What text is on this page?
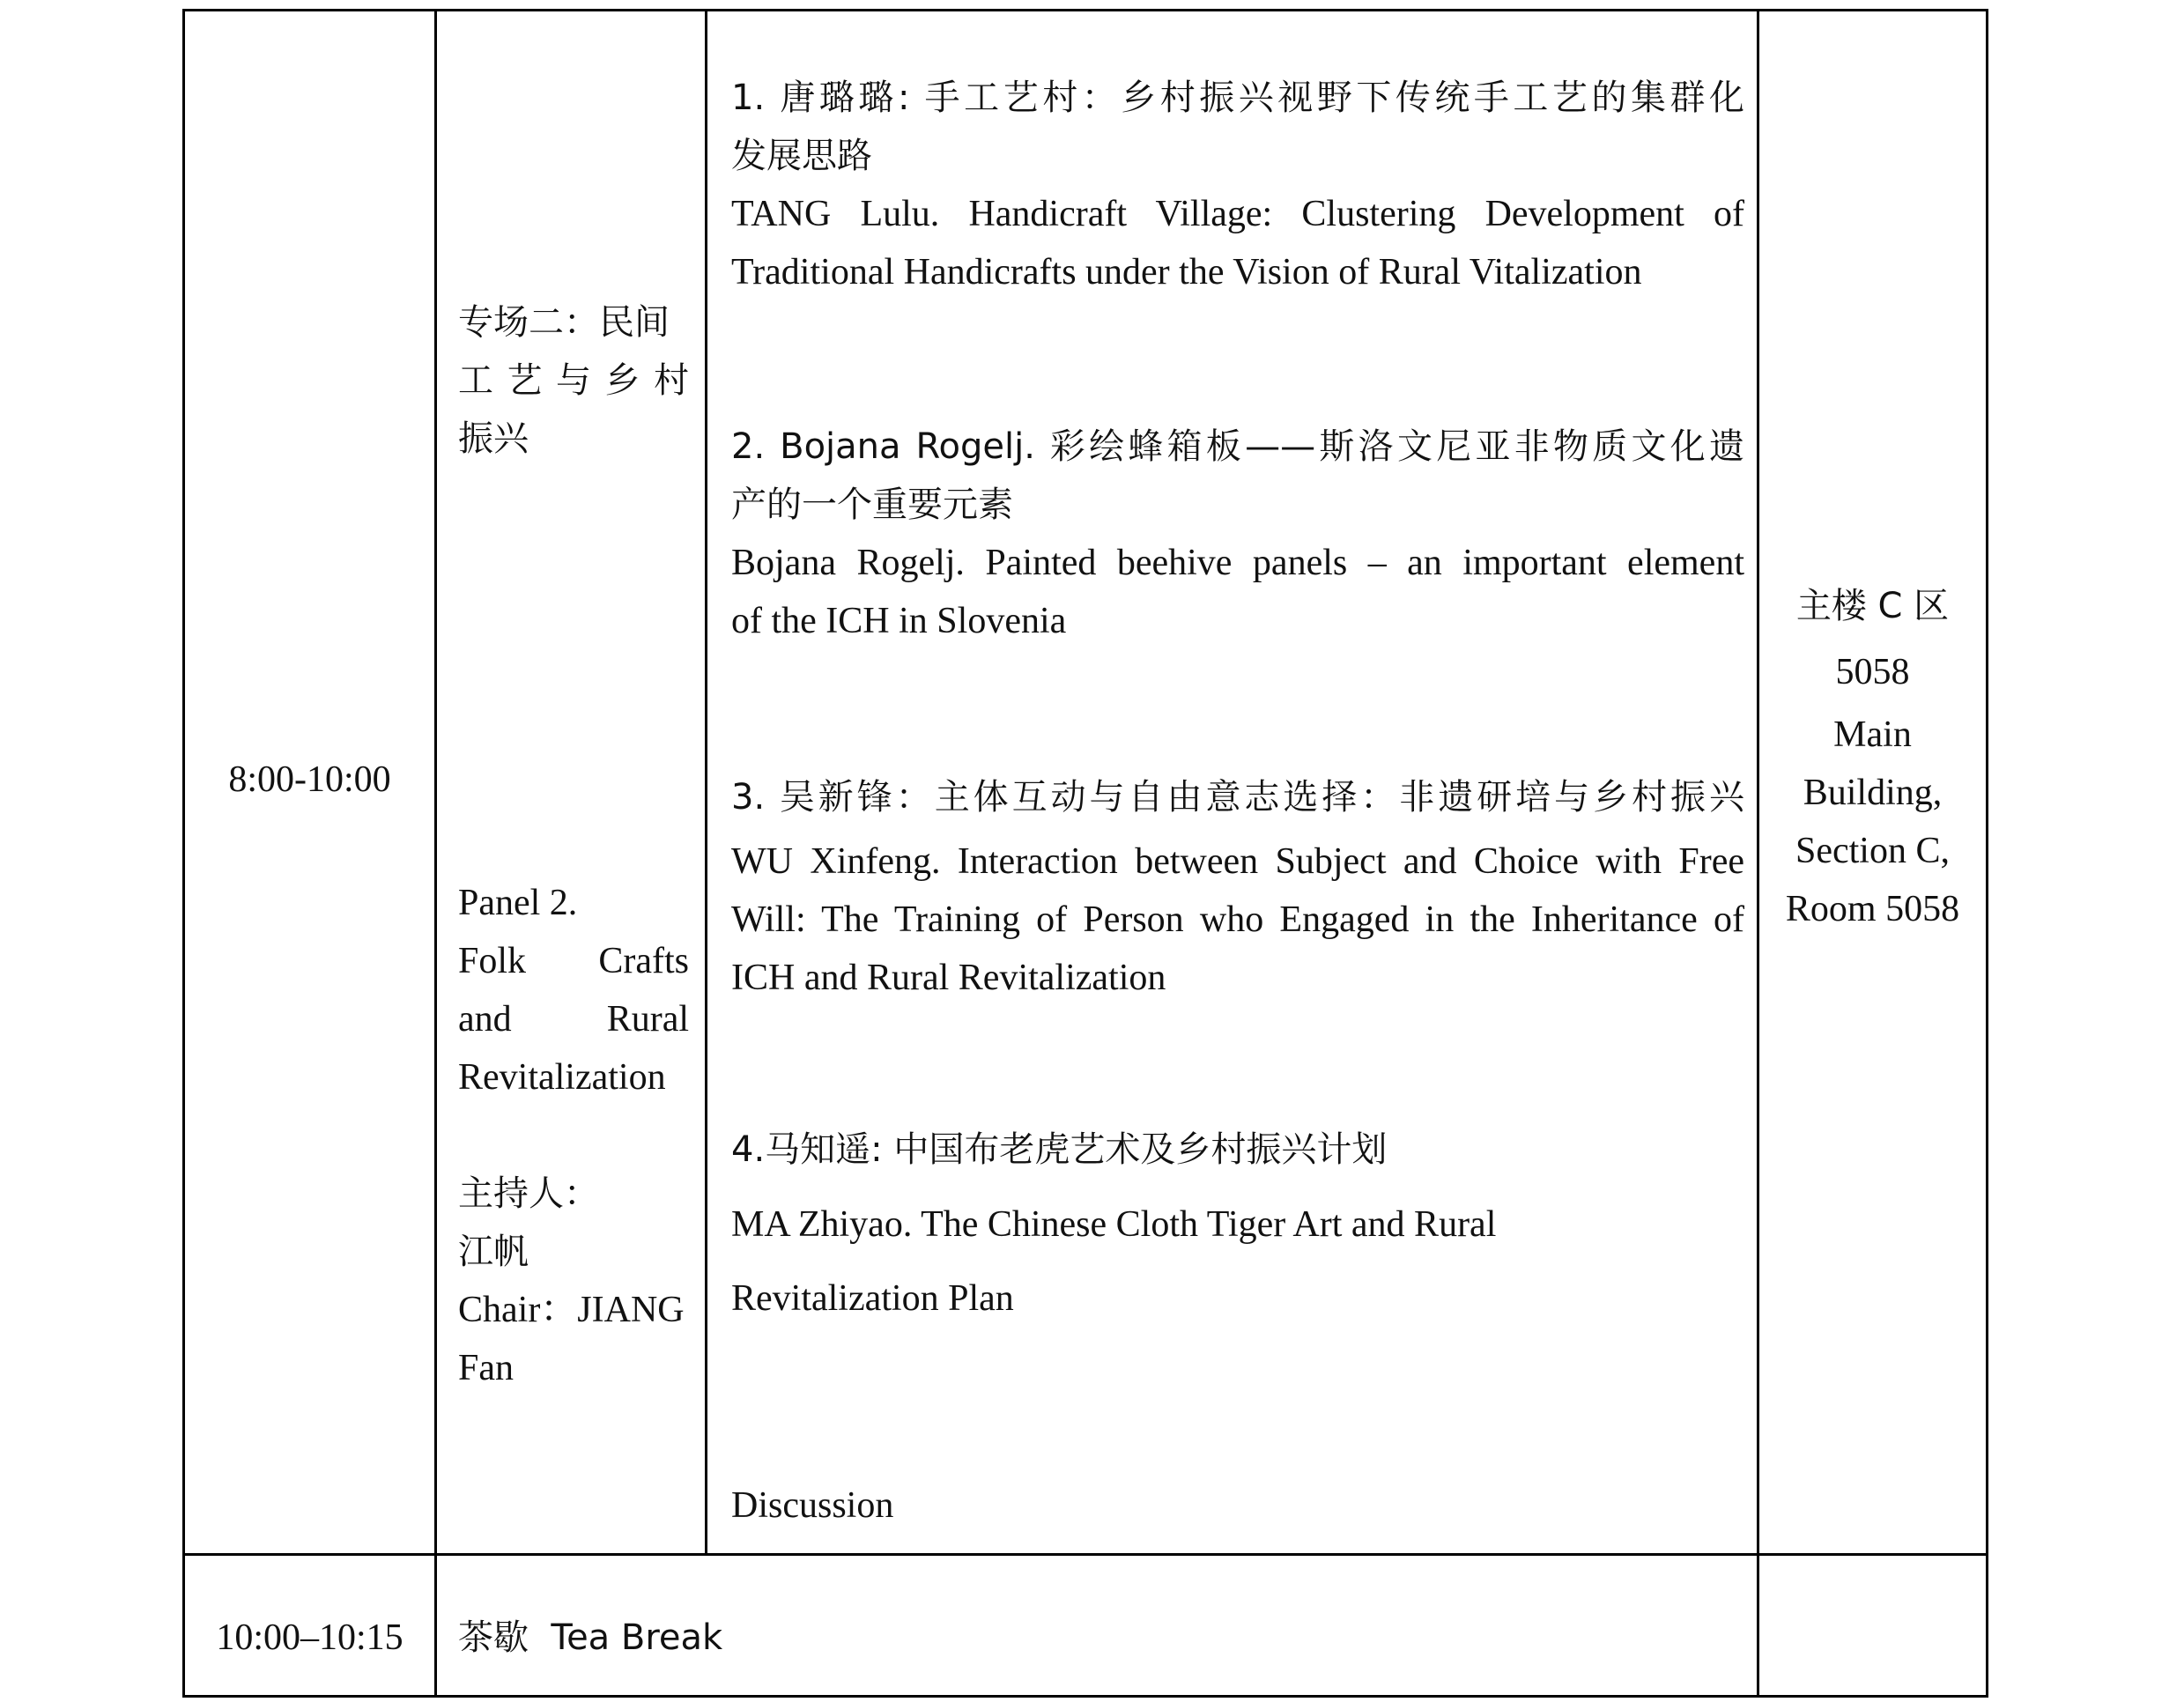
8:00-10:00
专场二：民间
工 艺 与 乡 村
振兴
Panel 2.
Folk Crafts
and	Rural
Revitalization
主持人：
江帆
Chair：JIANG
Fan
1. 唐璐璐: 手工艺村：乡村振兴视野下传统手工艺的集群化
发展思路
TANG Lulu. Handicraft Village: Clustering Development of
Traditional Handicrafts under the Vision of Rural Vitalization
2. Bojana Rogelj. 彩绘蜂箱板——斯洛文尼亚非物质文化遗
产的一个重要元素
Bojana Rogelj. Painted beehive panels – an important element
of the ICH in Slovenia
3. 吴新锋：主体互动与自由意志选择：非遗研培与乡村振兴
WU Xinfeng. Interaction between Subject and Choice with Free
Will: The Training of Person who Engaged in the Inheritance of
ICH and Rural Revitalization
4.马知遥: 中国布老虎艺术及乡村振兴计划
MA Zhiyao. The Chinese Cloth Tiger Art and Rural
Revitalization Plan
Discussion
主楼 C 区
5058
Main
Building,
Section C,
Room 5058
10:00–10:15	茶歇  Tea Break
